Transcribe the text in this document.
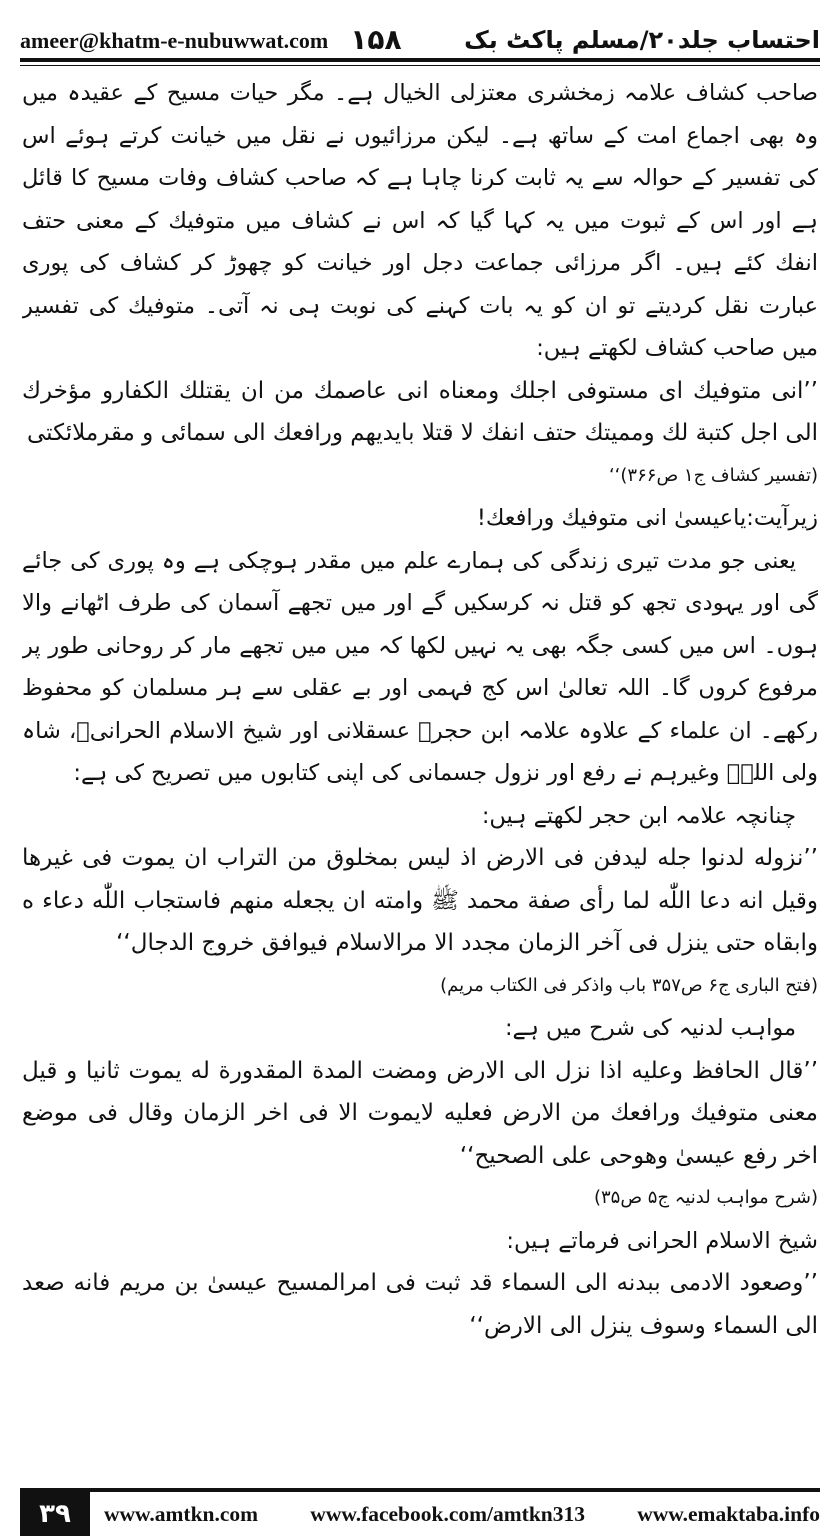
ameer@khatm-e-nubuwwat.com ۱۵۸	احتساب جلد۲۰/مسلم پاکٹ بک

صاحب کشاف علامہ زمخشری معتزلی الخیال ہے۔ مگر حیات مسیح کے عقیدہ میں وہ بھی اجماع امت کے ساتھ ہے۔ لیکن مرزائیوں نے نقل میں خیانت کرتے ہوئے اس کی تفسیر کے حوالہ سے یہ ثابت کرنا چاہا ہے کہ صاحب کشاف وفات مسیح کا قائل ہے اور اس کے ثبوت میں یہ کہا گیا کہ اس نے کشاف میں متوفیك کے معنی حتف انفك کئے ہیں۔ اگر مرزائی جماعت دجل اور خیانت کو چھوڑ کر کشاف کی پوری عبارت نقل کردیتے تو ان کو یہ بات کہنے کی نوبت ہی نہ آتی۔ متوفیك کی تفسیر میں صاحب کشاف لکھتے ہیں:

’’انی متوفیك ای مستوفی اجلك ومعناه انی عاصمك من ان یقتلك الكفارو مؤخرك الی اجل كتبة لك ومميتك حتف انفك لا قتلا بايديهم ورافعك الی سمائی و مقرملائكتی

(تفسیر کشاف ج۱ ص۳۶۶)‘‘

زیرآیت:یاعیسیٰ انی متوفیك ورافعك!

یعنی جو مدت تیری زندگی کی ہمارے علم میں مقدر ہوچکی ہے وہ پوری کی جائے گی اور یہودی تجھ کو قتل نہ کرسکیں گے اور میں تجھے آسمان کی طرف اٹھانے والا ہوں۔ اس میں کسی جگہ بھی یہ نہیں لکھا کہ میں میں تجھے مار کر روحانی طور پر مرفوع کروں گا۔ اللہ تعالیٰ اس کج فہمی اور بے عقلی سے ہر مسلمان کو محفوظ رکھے۔ ان علماء کے علاوہ علامہ ابن حجرؒ عسقلانی اور شیخ الاسلام الحرانیؒ، شاہ ولی اللہؒ وغیرہم نے رفع اور نزول جسمانی کی اپنی کتابوں میں تصریح کی ہے:

چنانچہ علامہ ابن حجر لکھتے ہیں:

’’نزوله لدنوا جله ليدفن فی الارض اذ ليس بمخلوق من التراب ان يموت فی غيرها وقيل انه دعا اللّٰه لما رأی صفة محمد ﷺ وامته ان يجعله منهم فاستجاب اللّٰه دعاء ه وابقاه حتی ينزل فی آخر الزمان مجدد الا مرالاسلام فيوافق خروج الدجال‘‘

(فتح الباری ج۶ ص۳۵۷ باب واذكر فی الكتاب مريم)

مواہب لدنیہ کی شرح میں ہے:

’’قال الحافظ وعليه اذا نزل الی الارض ومضت المدة المقدورة له يموت ثانيا و قيل معنی متوفيك ورافعك من الارض فعليه لايموت الا فی اخر الزمان وقال فی موضع اخر رفع عيسیٰ وهوحی علی الصحيح‘‘

(شرح مواہب لدنیہ ج۵ ص۳۵)

شیخ الاسلام الحرانی فرماتے ہیں:

’’وصعود الادمی ببدنه الی السماء قد ثبت فی امرالمسيح عيسیٰ بن مريم فانه صعد الی السماء وسوف ينزل الی الارض‘‘

۳۹	www.amtkn.com www.facebook.com/amtkn313 www.emaktaba.info
